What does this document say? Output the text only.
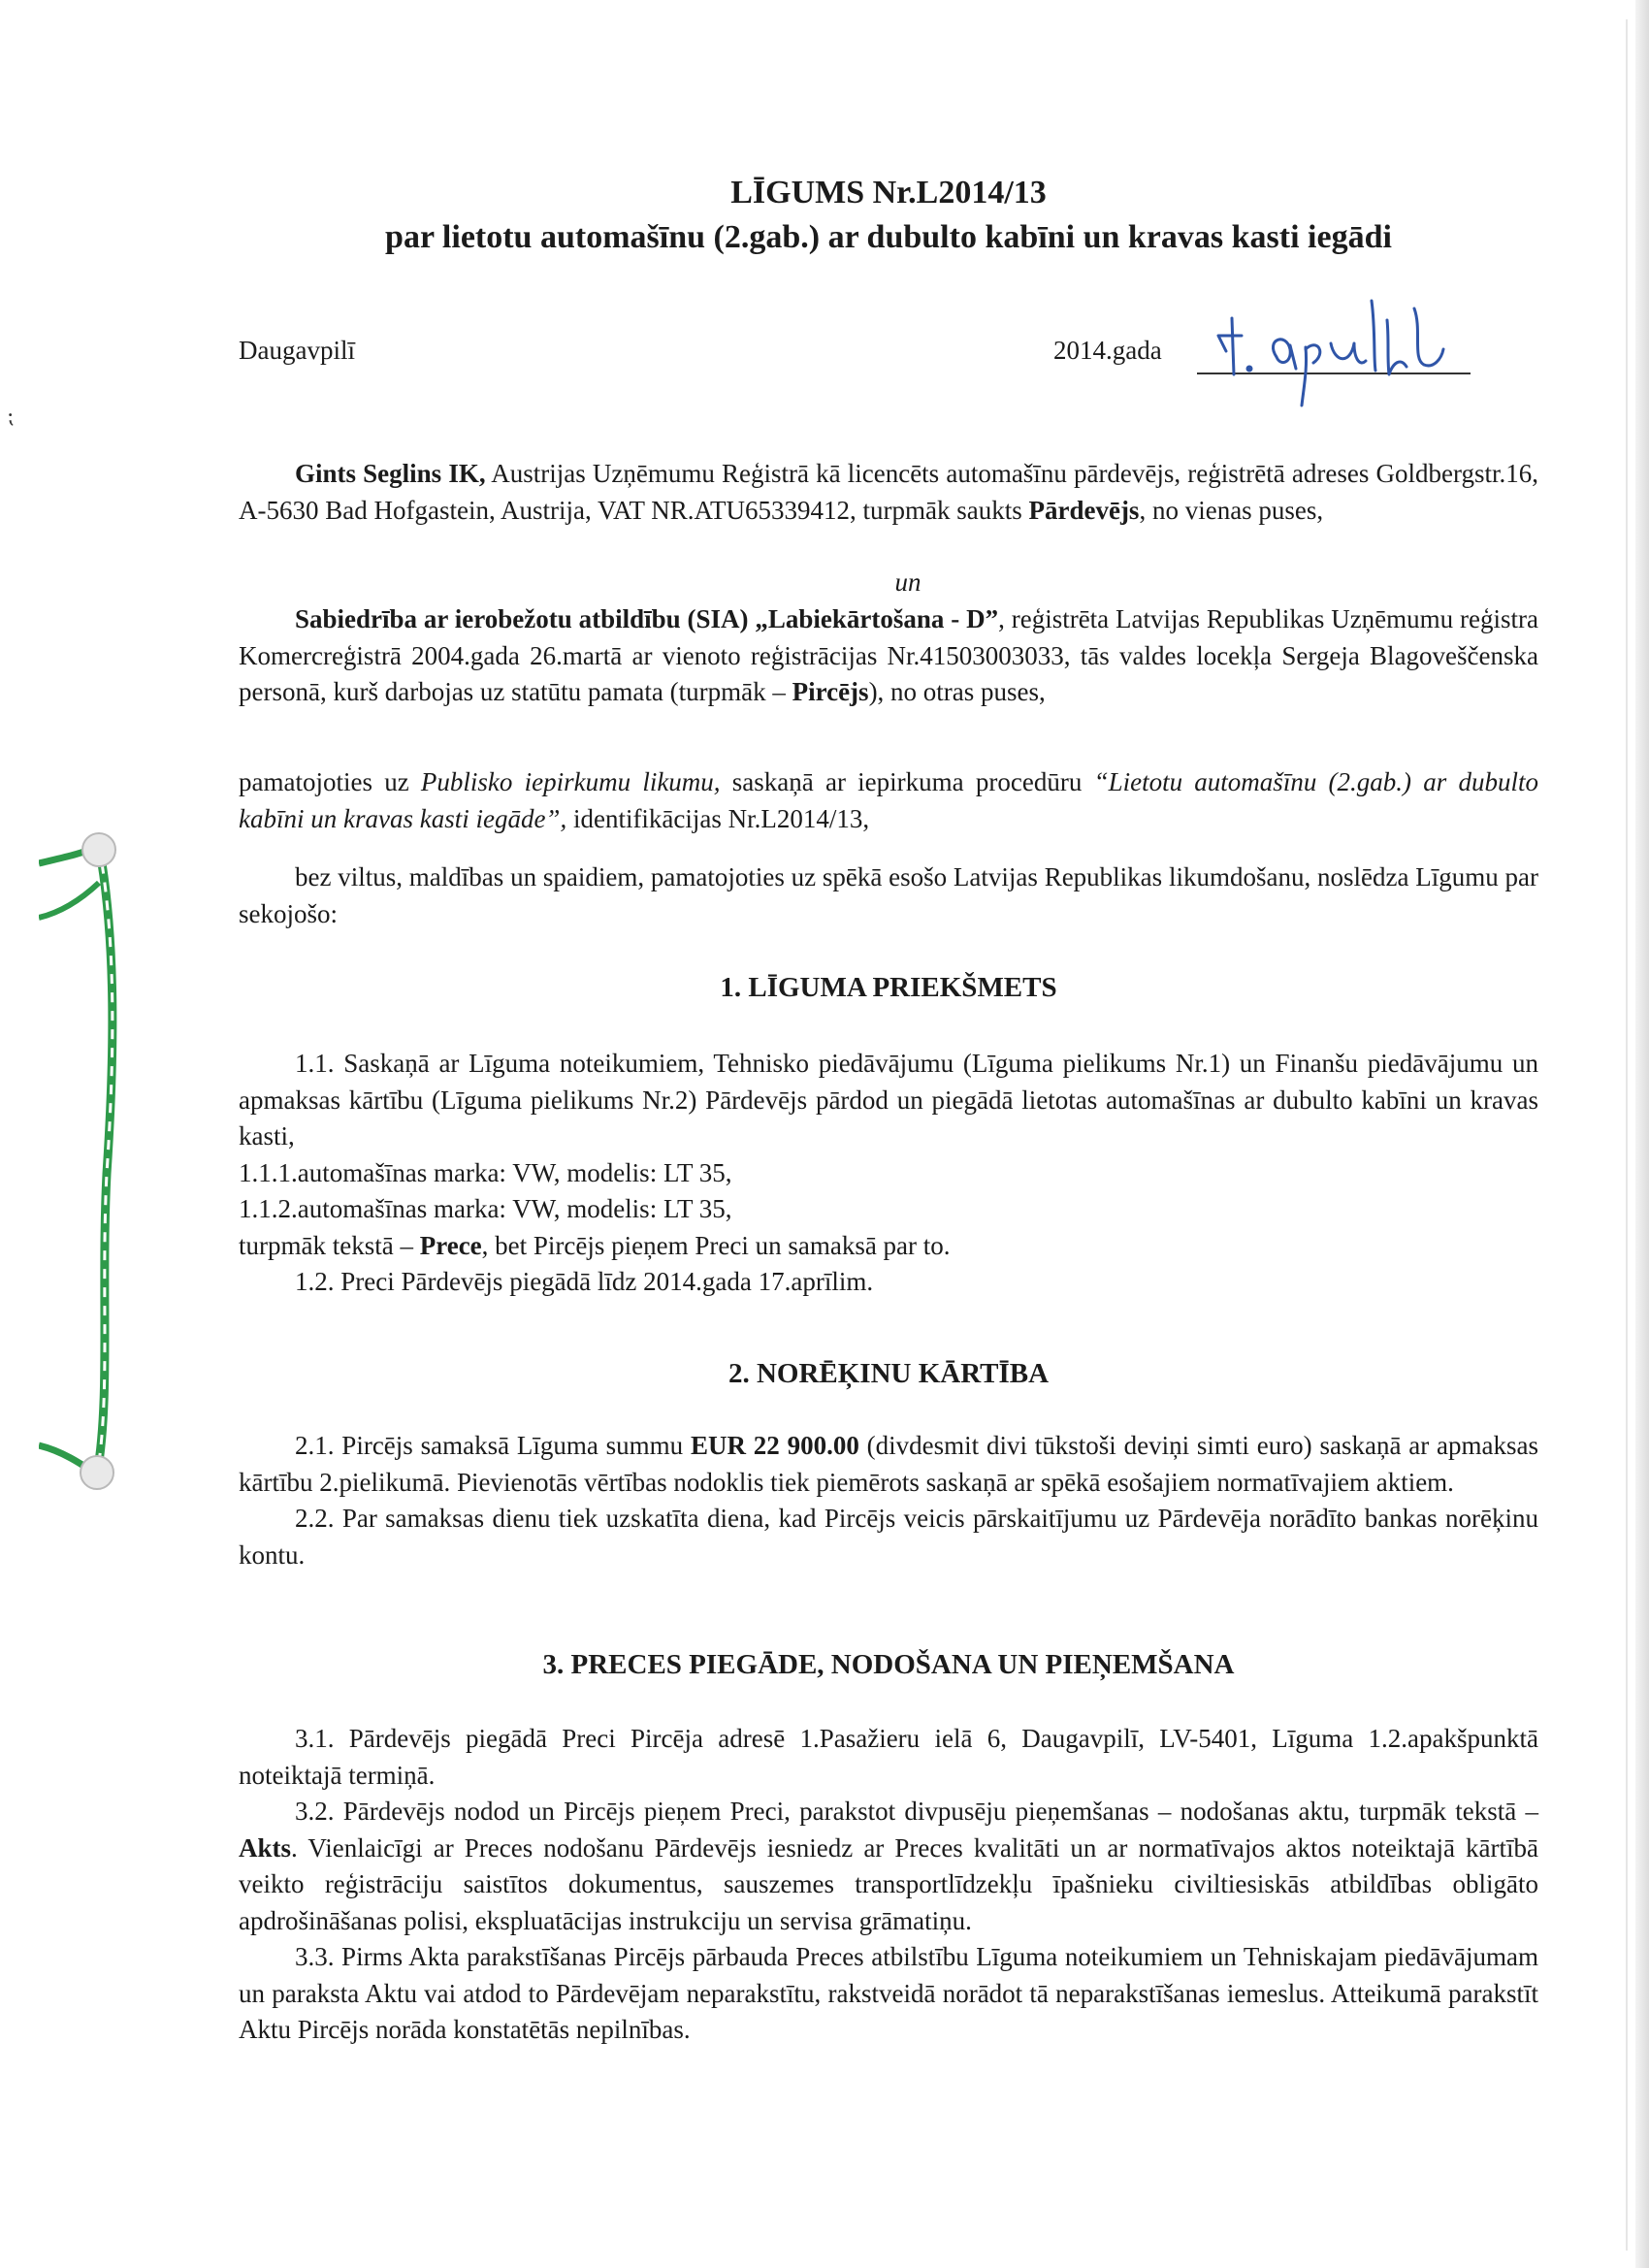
⁏
LĪGUMS Nr.L2014/13
par lietotu automašīnu (2.gab.) ar dubulto kabīni un kravas kasti iegādi
Daugavpilī	2014.gada

Gints Seglins IK, Austrijas Uzņēmumu Reģistrā kā licencēts automašīnu pārdevējs, reģistrētā adreses Goldbergstr.16, A-5630 Bad Hofgastein, Austrija, VAT NR.ATU65339412, turpmāk saukts Pārdevējs, no vienas puses,

un

Sabiedrība ar ierobežotu atbildību (SIA) „Labiekārtošana - D”, reģistrēta Latvijas Republikas Uzņēmumu reģistra Komercreģistrā 2004.gada 26.martā ar vienoto reģistrācijas Nr.41503003033, tās valdes locekļa Sergeja Blagoveščenska personā, kurš darbojas uz statūtu pamata (turpmāk – Pircējs), no otras puses,

pamatojoties uz Publisko iepirkumu likumu, saskaņā ar iepirkuma procedūru “Lietotu automašīnu (2.gab.) ar dubulto kabīni un kravas kasti iegāde”, identifikācijas Nr.L2014/13,

bez viltus, maldības un spaidiem, pamatojoties uz spēkā esošo Latvijas Republikas likumdošanu, noslēdza Līgumu par sekojošo:

1. LĪGUMA PRIEKŠMETS

1.1. Saskaņā ar Līguma noteikumiem, Tehnisko piedāvājumu (Līguma pielikums Nr.1) un Finanšu piedāvājumu un apmaksas kārtību (Līguma pielikums Nr.2) Pārdevējs pārdod un piegādā lietotas automašīnas ar dubulto kabīni un kravas kasti,

1.1.1.automašīnas marka: VW, modelis: LT 35,

1.1.2.automašīnas marka: VW, modelis: LT 35,

turpmāk tekstā – Prece, bet Pircējs pieņem Preci un samaksā par to.

1.2. Preci Pārdevējs piegādā līdz 2014.gada 17.aprīlim.

2. NORĒĶINU KĀRTĪBA

2.1. Pircējs samaksā Līguma summu EUR 22 900.00 (divdesmit divi tūkstoši deviņi simti euro) saskaņā ar apmaksas kārtību 2.pielikumā. Pievienotās vērtības nodoklis tiek piemērots saskaņā ar spēkā esošajiem normatīvajiem aktiem.

2.2. Par samaksas dienu tiek uzskatīta diena, kad Pircējs veicis pārskaitījumu uz Pārdevēja norādīto bankas norēķinu kontu.

3. PRECES PIEGĀDE, NODOŠANA UN PIEŅEMŠANA

3.1. Pārdevējs piegādā Preci Pircēja adresē 1.Pasažieru ielā 6, Daugavpilī, LV-5401, Līguma 1.2.apakšpunktā noteiktajā termiņā.

3.2. Pārdevējs nodod un Pircējs pieņem Preci, parakstot divpusēju pieņemšanas – nodošanas aktu, turpmāk tekstā – Akts. Vienlaicīgi ar Preces nodošanu Pārdevējs iesniedz ar Preces kvalitāti un ar normatīvajos aktos noteiktajā kārtībā veikto reģistrāciju saistītos dokumentus, sauszemes transportlīdzekļu īpašnieku civiltiesiskās atbildības obligāto apdrošināšanas polisi, ekspluatācijas instrukciju un servisa grāmatiņu.

3.3. Pirms Akta parakstīšanas Pircējs pārbauda Preces atbilstību Līguma noteikumiem un Tehniskajam piedāvājumam un paraksta Aktu vai atdod to Pārdevējam neparakstītu, rakstveidā norādot tā neparakstīšanas iemeslus. Atteikumā parakstīt Aktu Pircējs norāda konstatētās nepilnības.
